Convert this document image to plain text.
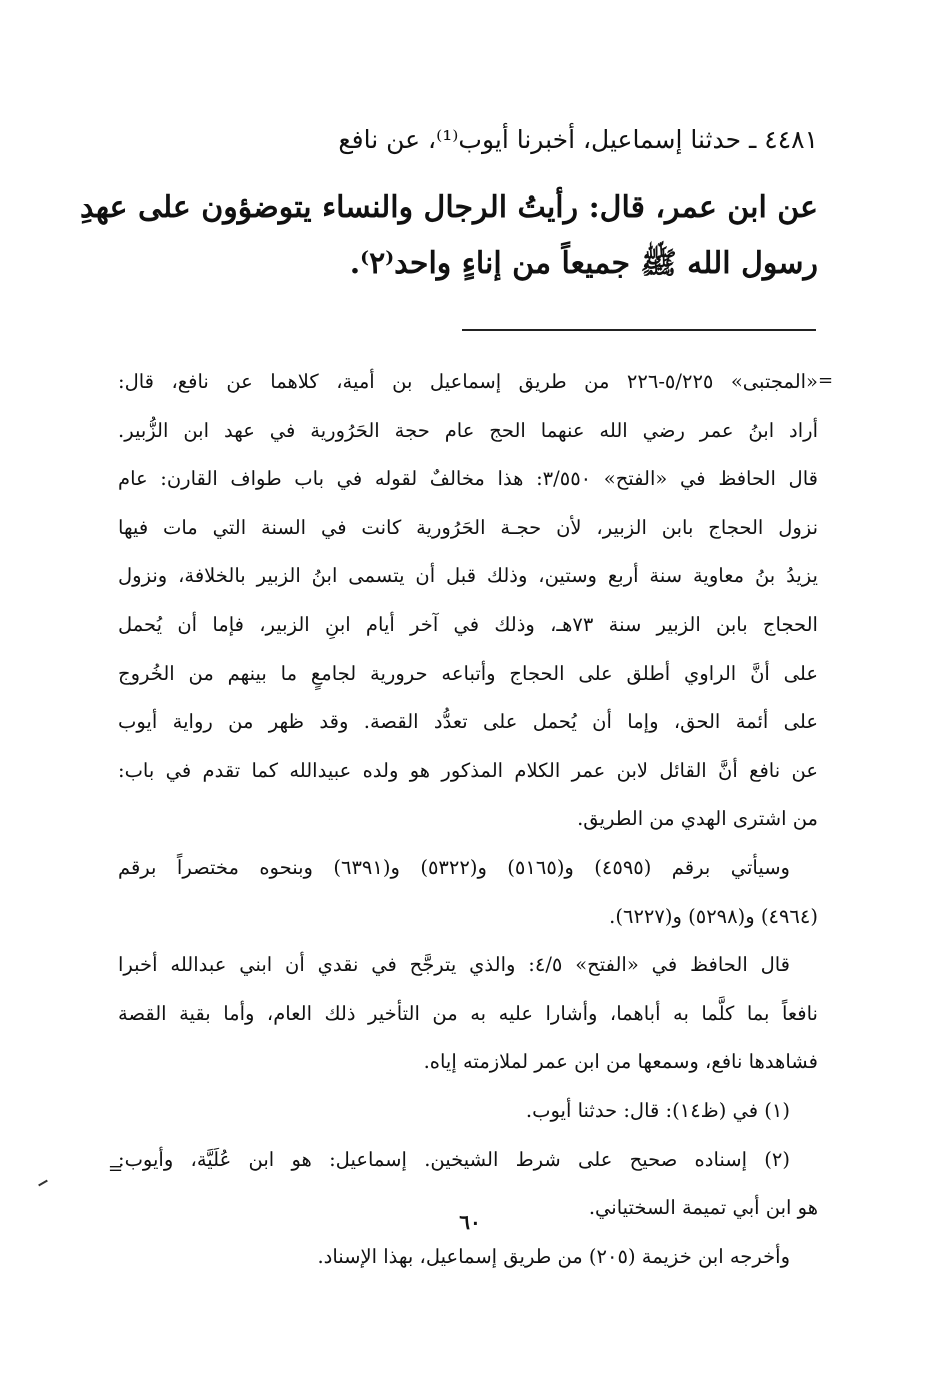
٤٤٨١ ـ حدثنا إسماعيل، أخبرنا أيوب⁽¹⁾، عن نافع
عن ابن عمر، قال: رأيتُ الرجال والنساء يتوضؤون على عهدِ
رسول الله ﷺ جميعاً من إناءٍ واحد⁽٢⁾.
=
«المجتبى» ٥/٢٢٥-٢٢٦ من طريق إسماعيل بن أمية، كلاهما عن نافع، قال:
أراد ابنُ عمر رضي الله عنهما الحج عام حجة الحَرُورية في عهد ابن الزُّبير.
قال الحافظ في «الفتح» ٣/٥٥٠: هذا مخالفٌ لقوله في باب طواف القارن: عام
نزول الحجاج بابن الزبير، لأن حجـة الحَرُورية كانت في السنة التي مات فيها
يزيدُ بنُ معاوية سنة أربع وستين، وذلك قبل أن يتسمى ابنُ الزبير بالخلافة، ونزول
الحجاج بابن الزبير سنة ٧٣هـ، وذلك في آخر أيام ابنِ الزبير، فإما أن يُحمل
على أنَّ الراوي أطلق على الحجاج وأتباعه حرورية لجامعٍ ما بينهم من الخُروج
على أئمة الحق، وإما أن يُحمل على تعدُّد القصة. وقد ظهر من رواية أيوب
عن نافع أنَّ القائل لابن عمر الكلام المذكور هو ولده عبيدالله كما تقدم في باب:
من اشترى الهدي من الطريق.
وسيأتي برقم (٤٥٩٥) و(٥١٦٥) و(٥٣٢٢) و(٦٣٩١) وبنحوه مختصراً برقم
(٤٩٦٤) و(٥٢٩٨) و(٦٢٢٧).
قال الحافظ في «الفتح» ٤/٥: والذي يترجَّح في نقدي أن ابني عبدالله أخبرا
نافعاً بما كلَّما به أباهما، وأشارا عليه به من التأخير ذلك العام، وأما بقية القصة
فشاهدها نافع، وسمعها من ابن عمر لملازمته إياه.
(١) في (ظ١٤): قال: حدثنا أيوب.
(٢) إسناده صحيح على شرط الشيخين. إسماعيل: هو ابن عُلَيَّة، وأيوب:
هو ابن أبي تميمة السختياني.
وأخرجه ابن خزيمة (٢٠٥) من طريق إسماعيل، بهذا الإسناد.
=
٦٠
